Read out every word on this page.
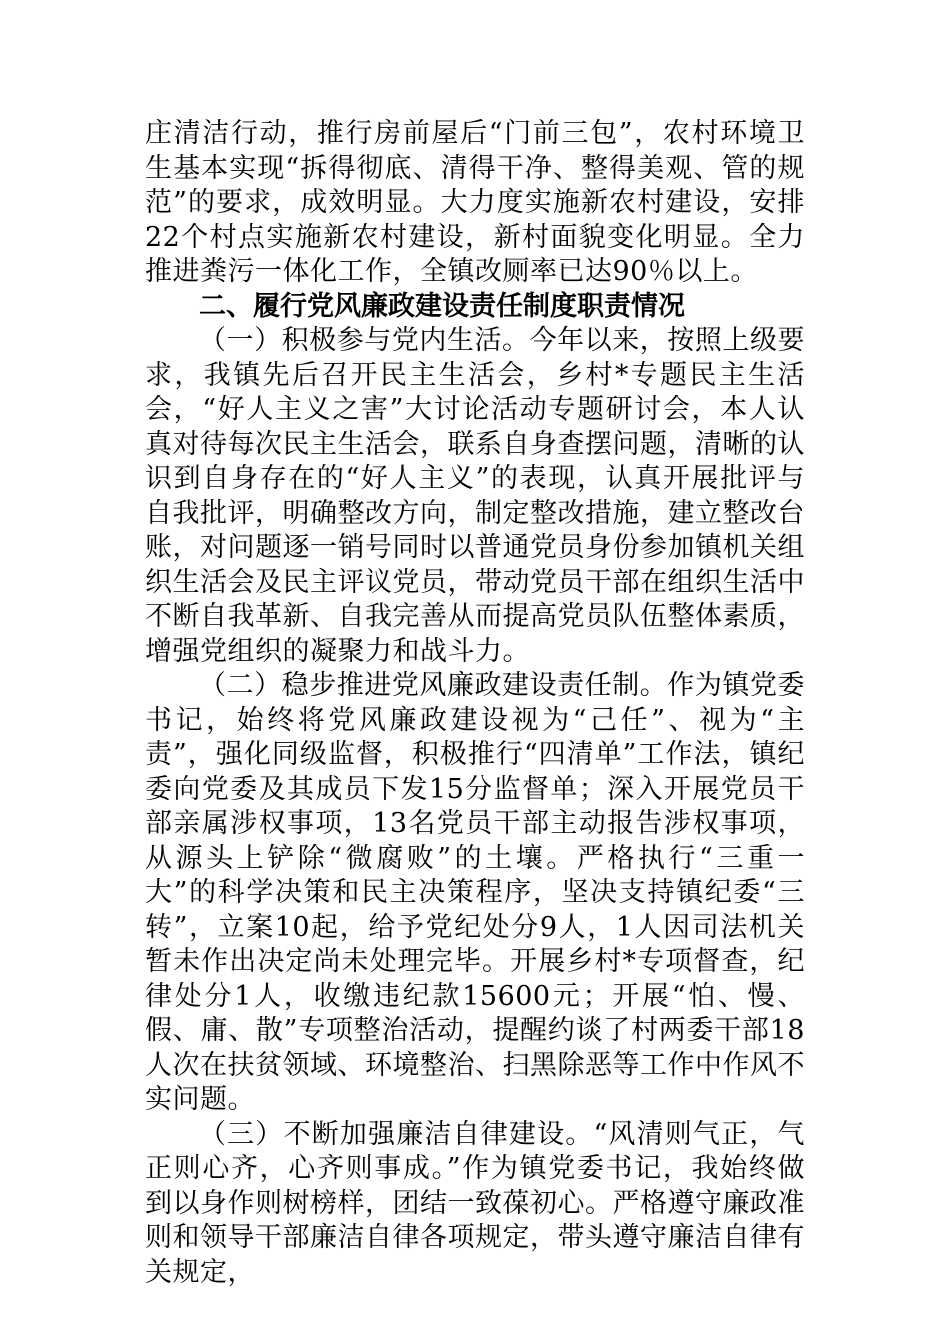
庄清洁行动，推行房前屋后“门前三包”，农村环境卫生基本实现“拆得彻底、清得干净、整得美观、管的规范”的要求，成效明显。大力度实施新农村建设，安排22个村点实施新农村建设，新村面貌变化明显。全力推进粪污一体化工作，全镇改厕率已达90％以上。

二、履行党风廉政建设责任制度职责情况

（一）积极参与党内生活。今年以来，按照上级要求，我镇先后召开民主生活会，乡村*专题民主生活会，“好人主义之害”大讨论活动专题研讨会，本人认真对待每次民主生活会，联系自身查摆问题，清晰的认识到自身存在的“好人主义”的表现，认真开展批评与自我批评，明确整改方向，制定整改措施，建立整改台账，对问题逐一销号同时以普通党员身份参加镇机关组织生活会及民主评议党员，带动党员干部在组织生活中不断自我革新、自我完善从而提高党员队伍整体素质，增强党组织的凝聚力和战斗力。

（二）稳步推进党风廉政建设责任制。作为镇党委书记，始终将党风廉政建设视为“己任”、视为“主责”，强化同级监督，积极推行“四清单”工作法，镇纪委向党委及其成员下发15分监督单；深入开展党员干部亲属涉权事项，13名党员干部主动报告涉权事项，从源头上铲除“微腐败”的土壤。严格执行“三重一大”的科学决策和民主决策程序，坚决支持镇纪委“三转”，立案10起，给予党纪处分9人，1人因司法机关暂未作出决定尚未处理完毕。开展乡村*专项督查，纪律处分1人，收缴违纪款15600元；开展“怕、慢、假、庸、散”专项整治活动，提醒约谈了村两委干部18人次在扶贫领域、环境整治、扫黑除恶等工作中作风不实问题。

（三）不断加强廉洁自律建设。“风清则气正，气正则心齐，心齐则事成。”作为镇党委书记，我始终做到以身作则树榜样，团结一致葆初心。严格遵守廉政准则和领导干部廉洁自律各项规定，带头遵守廉洁自律有关规定，
